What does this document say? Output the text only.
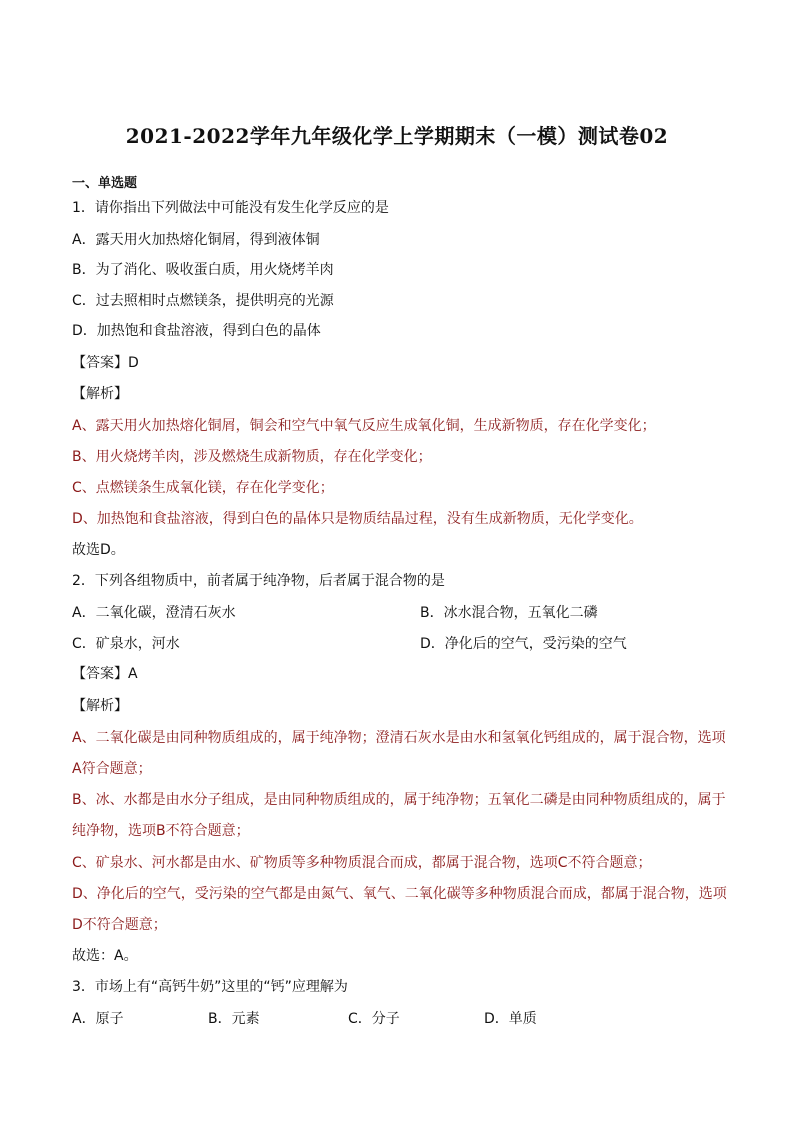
2021-2022学年九年级化学上学期期末（一模）测试卷02
一、单选题
1．请你指出下列做法中可能没有发生化学反应的是
A．露天用火加热熔化铜屑，得到液体铜
B．为了消化、吸收蛋白质，用火烧烤羊肉
C．过去照相时点燃镁条，提供明亮的光源
D．加热饱和食盐溶液，得到白色的晶体
【答案】D
【解析】
A、露天用火加热熔化铜屑，铜会和空气中氧气反应生成氧化铜，生成新物质，存在化学变化；
B、用火烧烤羊肉，涉及燃烧生成新物质，存在化学变化；
C、点燃镁条生成氧化镁，存在化学变化；
D、加热饱和食盐溶液，得到白色的晶体只是物质结晶过程，没有生成新物质，无化学变化。
故选D。
2．下列各组物质中，前者属于纯净物，后者属于混合物的是
A．二氧化碳，澄清石灰水	B．冰水混合物，五氧化二磷
C．矿泉水，河水	D．净化后的空气，受污染的空气
【答案】A
【解析】
A、二氧化碳是由同种物质组成的，属于纯净物；澄清石灰水是由水和氢氧化钙组成的，属于混合物，选项
A符合题意；
B、冰、水都是由水分子组成，是由同种物质组成的，属于纯净物；五氧化二磷是由同种物质组成的，属于
纯净物，选项B不符合题意；
C、矿泉水、河水都是由水、矿物质等多种物质混合而成，都属于混合物，选项C不符合题意；
D、净化后的空气，受污染的空气都是由氮气、氧气、二氧化碳等多种物质混合而成，都属于混合物，选项
D不符合题意；
故选：A。
3．市场上有“高钙牛奶”这里的“钙”应理解为
A．原子	B．元素	C．分子	D．单质
